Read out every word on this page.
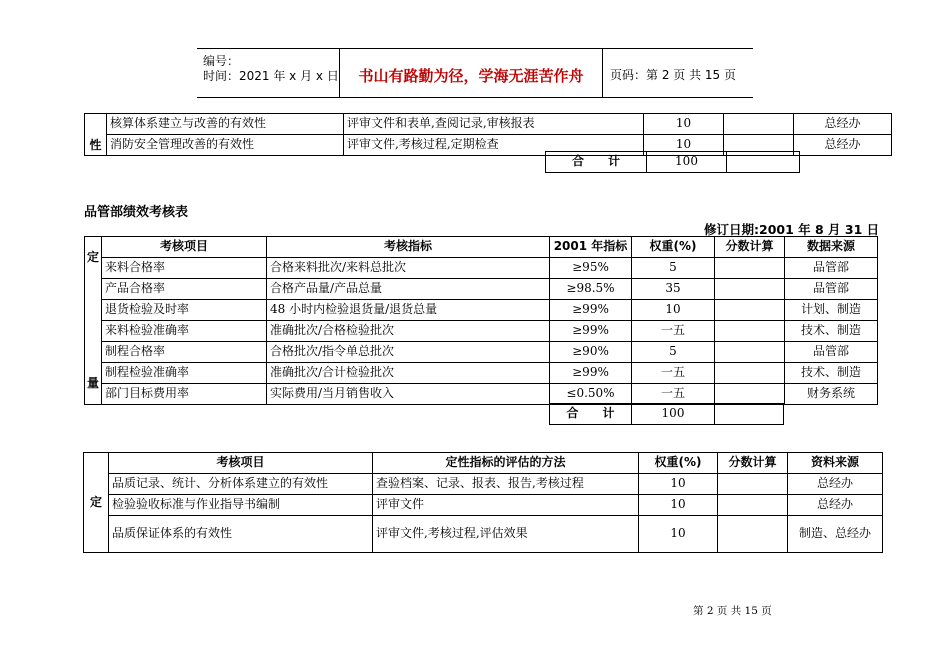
编号：
时间：2021 年 x 月 x 日	书山有路勤为径，学海无涯苦作舟	页码：第 2 页 共 15 页
性	核算体系建立与改善的有效性	评审文件和表单,查阅记录,审核报表	10		总经办
	消防安全管理改善的有效性	评审文件,考核过程,定期检查	10		总经办
合　　计	100	
品管部绩效考核表
修订日期:2001 年 8 月 31 日
定
量	考核项目	考核指标	2001 年指标	权重(%)	分数计算	数据来源
	来料合格率	合格来料批次/来料总批次	≥95%	5		品管部
	产品合格率	合格产品量/产品总量	≥98.5%	35		品管部
	退货检验及时率	48 小时内检验退货量/退货总量	≥99%	10		计划、制造
	来料检验准确率	准确批次/合格检验批次	≥99%	一五		技术、制造
	制程合格率	合格批次/指令单总批次	≥90%	5		品管部
	制程检验准确率	准确批次/合计检验批次	≥99%	一五		技术、制造
	部门目标费用率	实际费用/当月销售收入	≤0.50%	一五		财务系统
合　　计	100	
定	考核项目	定性指标的评估的方法	权重(%)	分数计算	资料来源
	品质记录、统计、分析体系建立的有效性	查验档案、记录、报表、报告,考核过程	10		总经办
	检验验收标准与作业指导书编制	评审文件	10		总经办
	品质保证体系的有效性	评审文件,考核过程,评估效果	10		制造、总经办
第 2 页 共 15 页
